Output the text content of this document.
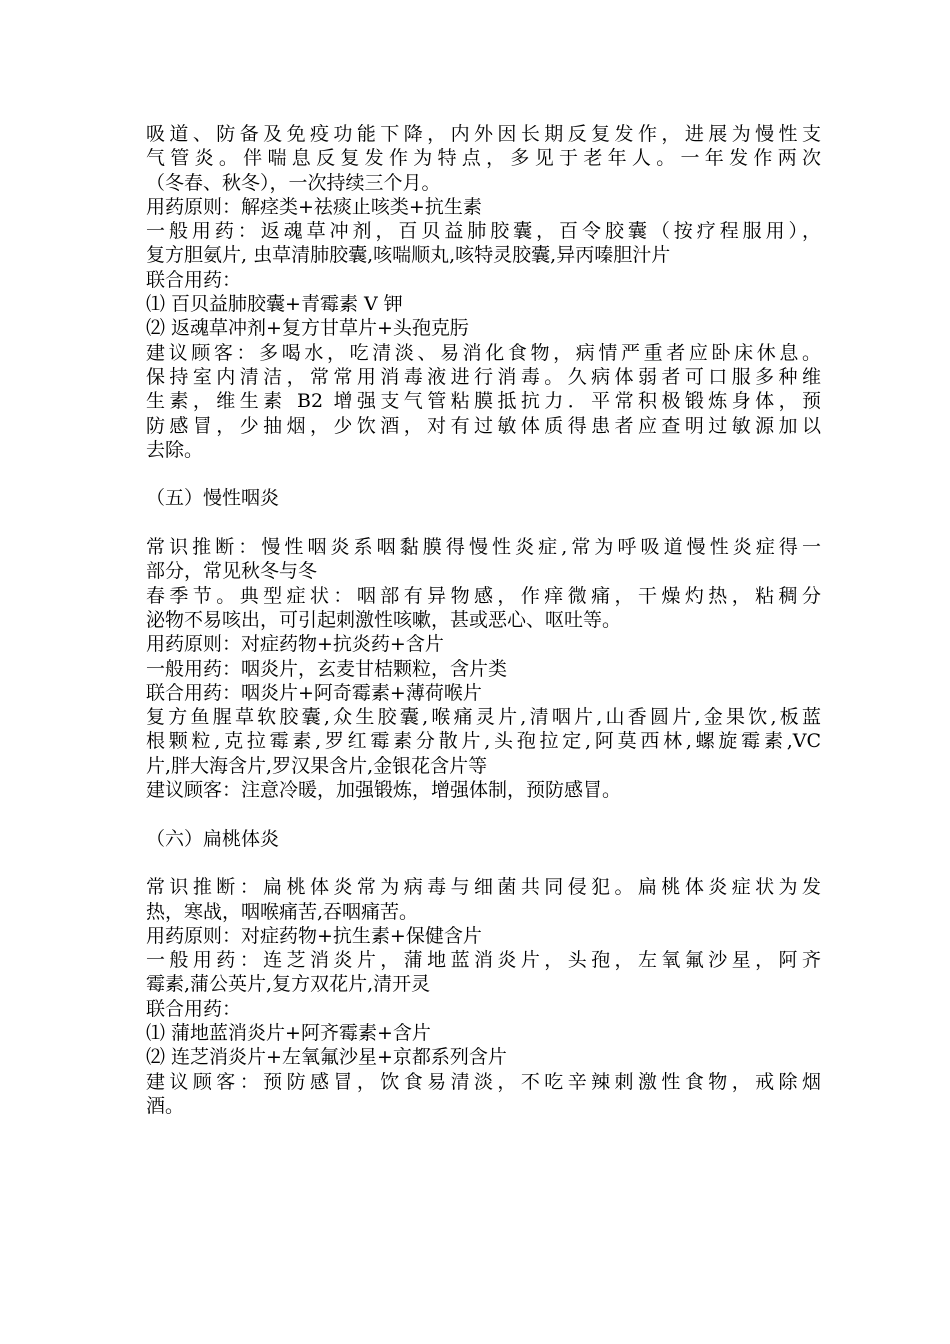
吸道、防备及免疫功能下降，内外因长期反复发作，进展为慢性支
气管炎。伴喘息反复发作为特点，多见于老年人。一年发作两次
（冬春、秋冬），一次持续三个月。
用药原则：解痉类+祛痰止咳类+抗生素
一般用药：返魂草冲剂，百贝益肺胶囊，百令胶囊（按疗程服用），
复方胆氨片, 虫草清肺胶囊,咳喘顺丸,咳特灵胶囊,异丙嗪胆汁片
联合用药：
⑴ 百贝益肺胶囊+青霉素 V 钾
⑵ 返魂草冲剂+复方甘草片+头孢克肟
建议顾客：多喝水，吃清淡、易消化食物，病情严重者应卧床休息。
保持室内清洁，常常用消毒液进行消毒。久病体弱者可口服多种维
生素，维生素 B2 增强支气管粘膜抵抗力．平常积极锻炼身体，预
防感冒，少抽烟，少饮酒，对有过敏体质得患者应查明过敏源加以
去除。
（五）慢性咽炎
常识推断：慢性咽炎系咽黏膜得慢性炎症,常为呼吸道慢性炎症得一
部分，常见秋冬与冬
春季节。典型症状：咽部有异物感，作痒微痛，干燥灼热，粘稠分
泌物不易咳出，可引起刺激性咳嗽，甚或恶心、呕吐等。
用药原则：对症药物+抗炎药+含片
一般用药：咽炎片，玄麦甘桔颗粒，含片类
联合用药：咽炎片+阿奇霉素+薄荷喉片
复方鱼腥草软胶囊,众生胶囊,喉痛灵片,清咽片,山香圆片,金果饮,板蓝
根颗粒,克拉霉素,罗红霉素分散片,头孢拉定,阿莫西林,螺旋霉素,VC
片,胖大海含片,罗汉果含片,金银花含片等
建议顾客：注意冷暖，加强锻炼，增强体制，预防感冒。
（六）扁桃体炎
常识推断：扁桃体炎常为病毒与细菌共同侵犯。扁桃体炎症状为发
热，寒战，咽喉痛苦,吞咽痛苦。
用药原则：对症药物+抗生素+保健含片
一般用药：连芝消炎片，蒲地蓝消炎片，头孢，左氧氟沙星，阿齐
霉素,蒲公英片,复方双花片,清开灵
联合用药：
⑴ 蒲地蓝消炎片+阿齐霉素+含片
⑵ 连芝消炎片+左氧氟沙星+京都系列含片
建议顾客：预防感冒，饮食易清淡，不吃辛辣刺激性食物，戒除烟
酒。
